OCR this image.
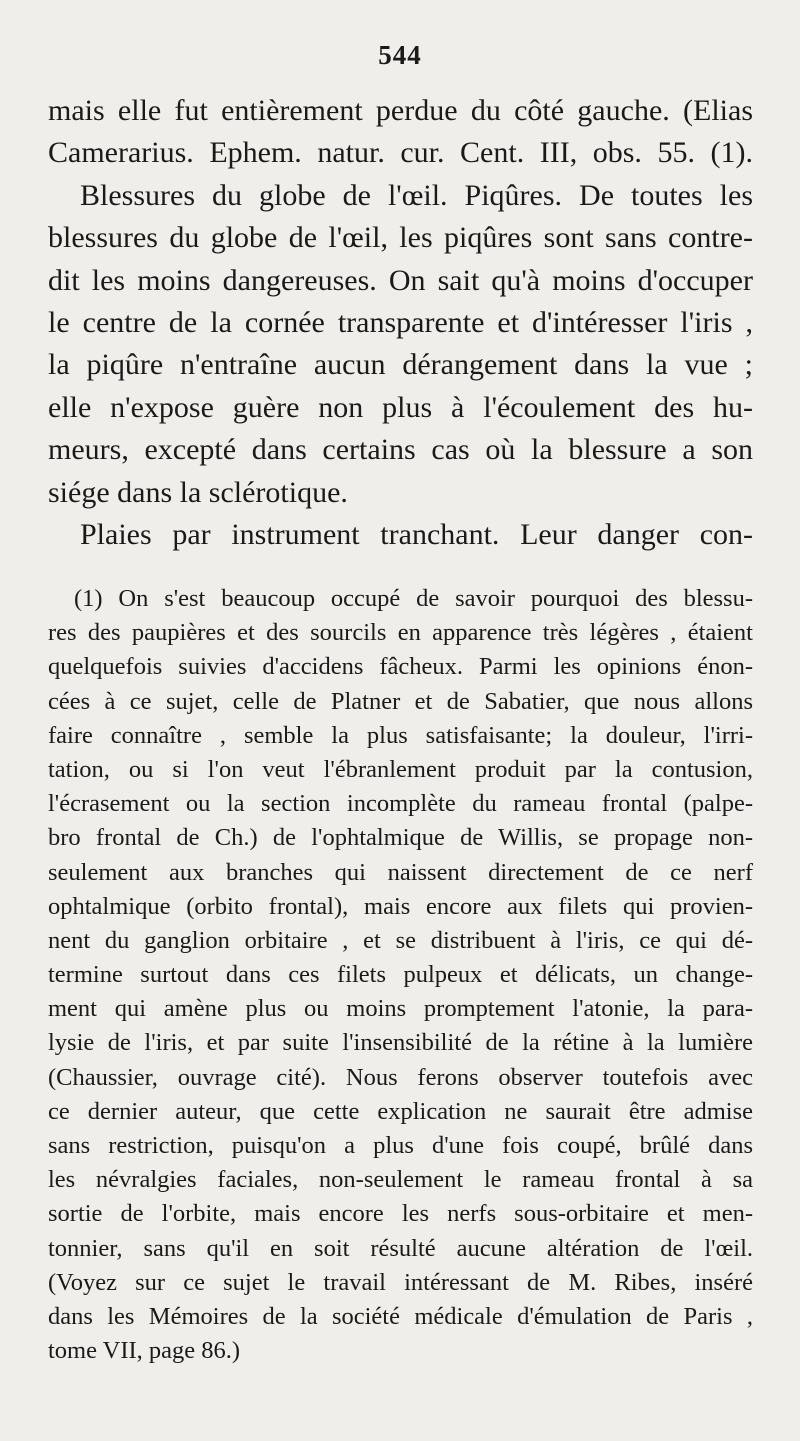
544
mais elle fut entièrement perdue du côté gauche. (Elias
Camerarius. Ephem. natur. cur. Cent. III, obs. 55. (1).
Blessures du globe de l'œil. Piqûres. De toutes les
blessures du globe de l'œil, les piqûres sont sans contre-
dit les moins dangereuses. On sait qu'à moins d'occuper
le centre de la cornée transparente et d'intéresser l'iris ,
la piqûre n'entraîne aucun dérangement dans la vue ;
elle n'expose guère non plus à l'écoulement des hu-
meurs, excepté dans certains cas où la blessure a son
siége dans la sclérotique.
Plaies par instrument tranchant. Leur danger con-
(1) On s'est beaucoup occupé de savoir pourquoi des blessu-
res des paupières et des sourcils en apparence très légères , étaient
quelquefois suivies d'accidens fâcheux. Parmi les opinions énon-
cées à ce sujet, celle de Platner et de Sabatier, que nous allons
faire connaître , semble la plus satisfaisante; la douleur, l'irri-
tation, ou si l'on veut l'ébranlement produit par la contusion,
l'écrasement ou la section incomplète du rameau frontal (palpe-
bro frontal de Ch.) de l'ophtalmique de Willis, se propage non-
seulement aux branches qui naissent directement de ce nerf
ophtalmique (orbito frontal), mais encore aux filets qui provien-
nent du ganglion orbitaire , et se distribuent à l'iris, ce qui dé-
termine surtout dans ces filets pulpeux et délicats, un change-
ment qui amène plus ou moins promptement l'atonie, la para-
lysie de l'iris, et par suite l'insensibilité de la rétine à la lumière
(Chaussier, ouvrage cité). Nous ferons observer toutefois avec
ce dernier auteur, que cette explication ne saurait être admise
sans restriction, puisqu'on a plus d'une fois coupé, brûlé dans
les névralgies faciales, non-seulement le rameau frontal à sa
sortie de l'orbite, mais encore les nerfs sous-orbitaire et men-
tonnier, sans qu'il en soit résulté aucune altération de l'œil.
(Voyez sur ce sujet le travail intéressant de M. Ribes, inséré
dans les Mémoires de la société médicale d'émulation de Paris ,
tome VII, page 86.)
